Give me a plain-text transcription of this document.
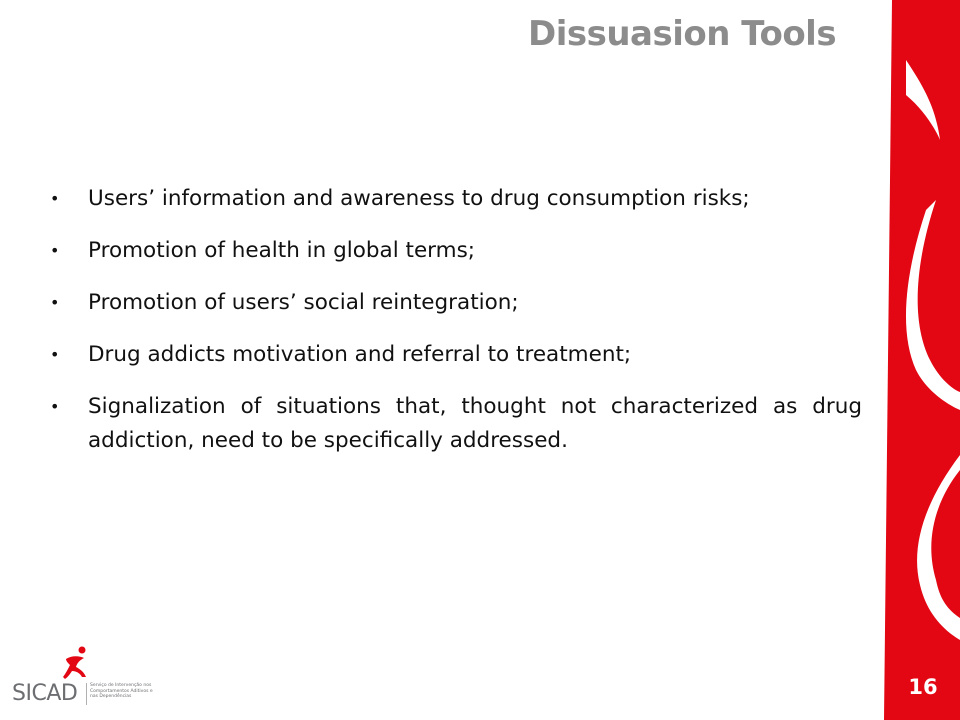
Dissuasion Tools
•	Users’ information and awareness to drug consumption risks;
•	Promotion of health in global terms;
•	Promotion of users’ social reintegration;
•	Drug addicts motivation and referral to treatment;
•	Signalization of situations that, thought not characterized as drug addiction, need to be specifically addressed.
16
SICAD	Serviço de Intervenção nos Comportamentos Aditivos e nas Dependências
